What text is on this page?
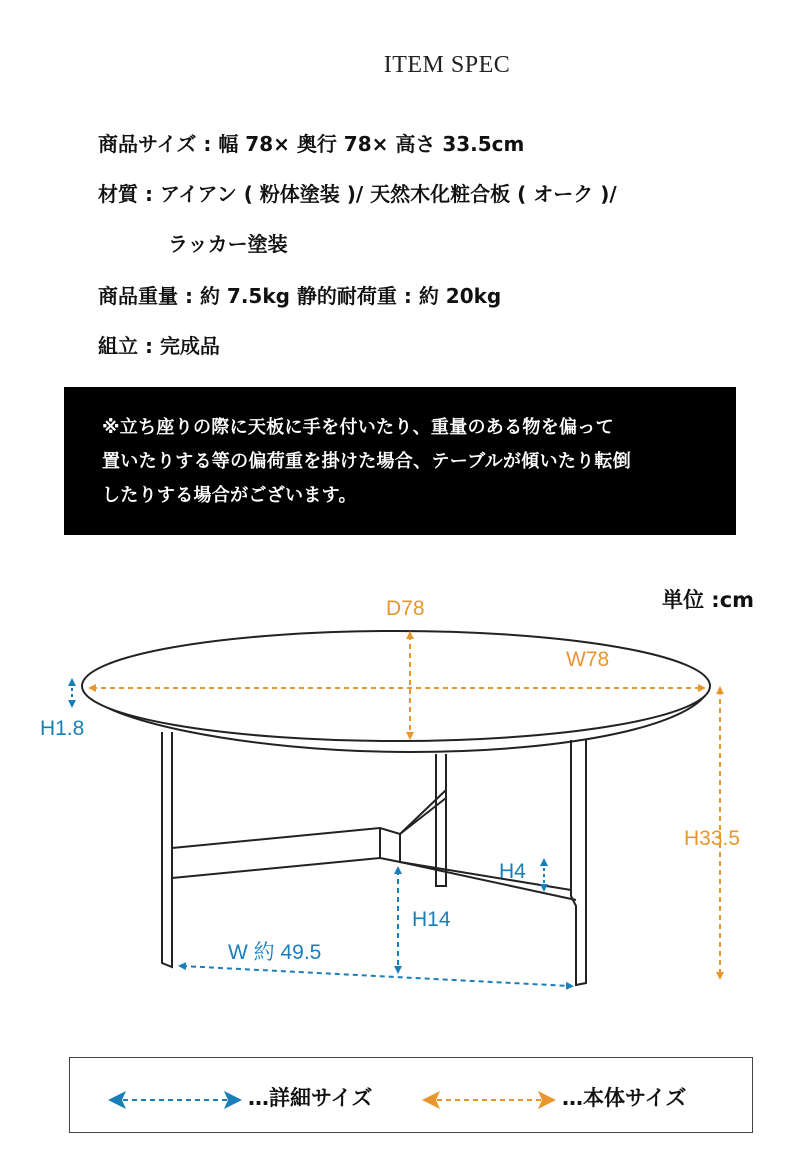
ITEM SPEC
商品サイズ : 幅 78× 奥行 78× 高さ 33.5cm
材質 : アイアン ( 粉体塗装 )/ 天然木化粧合板 ( オーク )/
ラッカー塗装
商品重量 : 約 7.5kg 静的耐荷重 : 約 20kg
組立 : 完成品

※立ち座りの際に天板に手を付いたり、重量のある物を偏って

置いたりする等の偏荷重を掛けた場合、テーブルが傾いたり転倒

したりする場合がございます。

単位 :cm
D78
W78
H33.5
H1.8
H4
H14
W 約 49.5
…詳細サイズ	…本体サイズ
